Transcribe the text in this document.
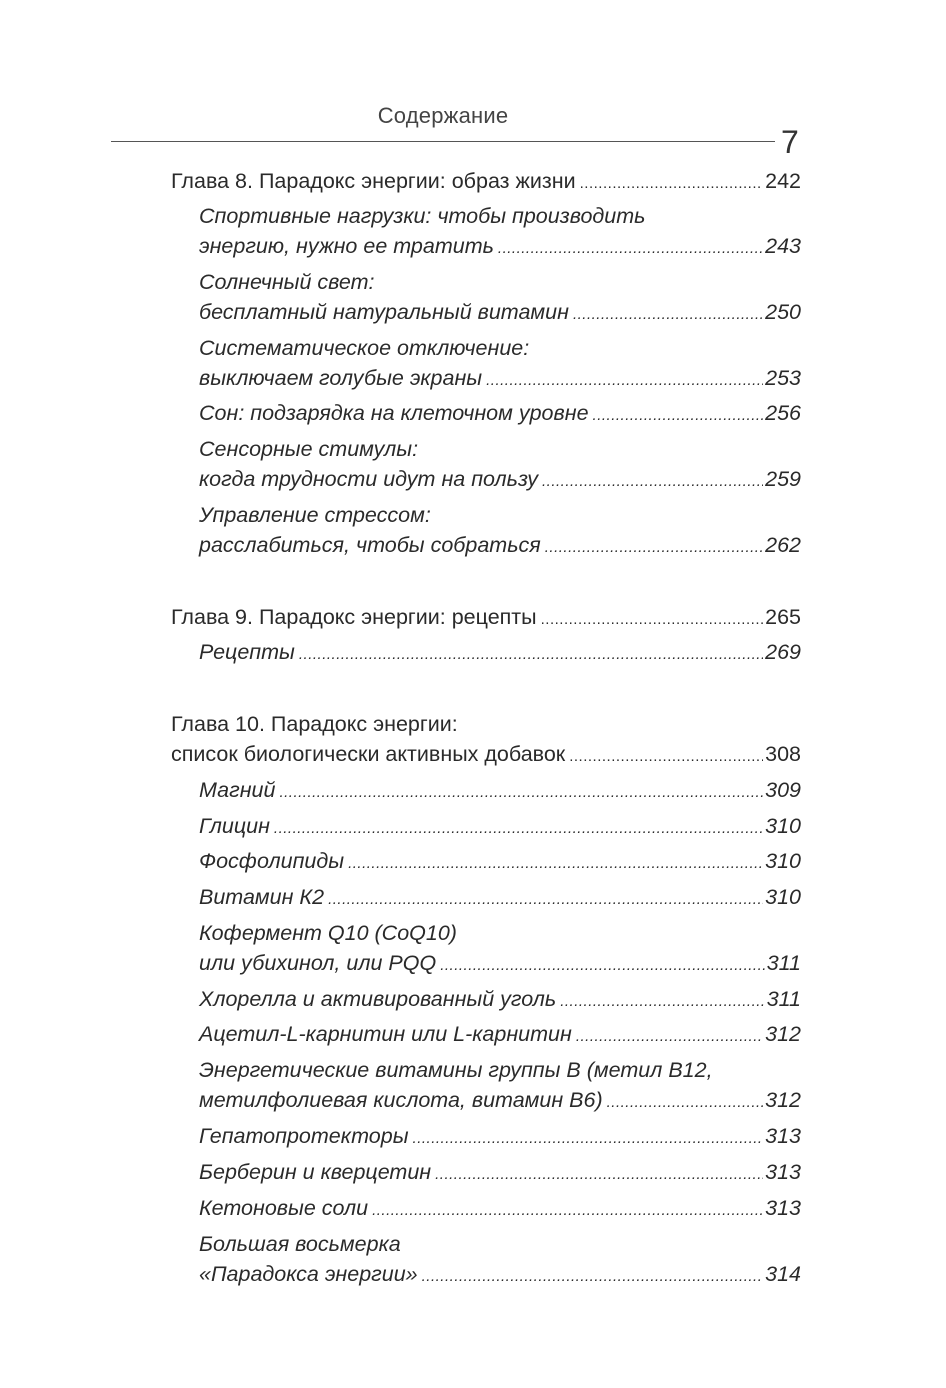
Содержание
7
Глава 8. Парадокс энергии: образ жизни .....	242
Спортивные нагрузки: чтобы производить
энергию, нужно ее тратить .....	243
Солнечный свет:
бесплатный натуральный витамин .....	250
Систематическое отключение:
выключаем голубые экраны .....	253
Сон: подзарядка на клеточном уровне .....	256
Сенсорные стимулы:
когда трудности идут на пользу .....	259
Управление стрессом:
расслабиться, чтобы собраться .....	262
Глава 9. Парадокс энергии: рецепты .....	265
Рецепты .....	269
Глава 10. Парадокс энергии:
список биологически активных добавок .....	308
Магний .....	309
Глицин .....	310
Фосфолипиды .....	310
Витамин К2 .....	310
Кофермент Q10 (CoQ10)
или убихинол, или PQQ .....	311
Хлорелла и активированный уголь .....	311
Ацетил-L-карнитин или L-карнитин .....	312
Энергетические витамины группы В (метил В12,
метилфолиевая кислота, витамин В6) .....	312
Гепатопротекторы .....	313
Берберин и кверцетин .....	313
Кетоновые соли .....	313
Большая восьмерка
«Парадокса энергии» .....	314
